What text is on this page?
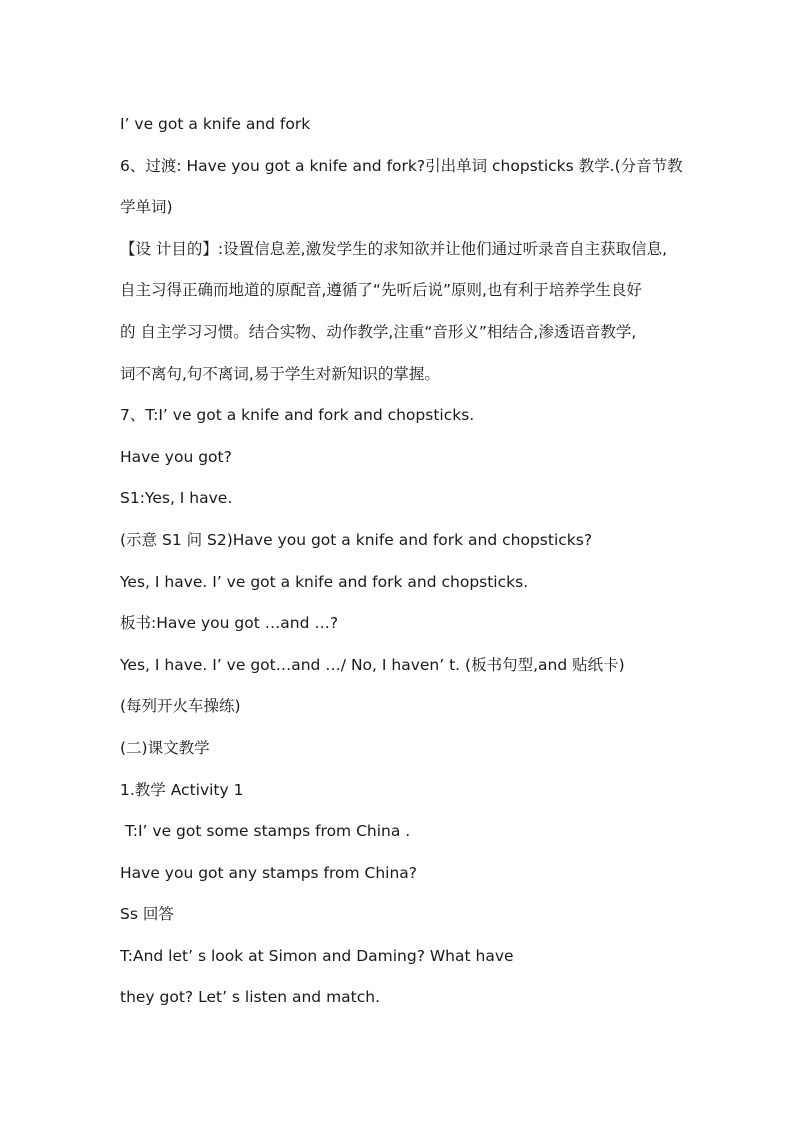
I’ ve got a knife and fork
6、过渡: Have you got a knife and fork?引出单词 chopsticks 教学.(分音节教
学单词)
【设 计目的】:设置信息差,激发学生的求知欲并让他们通过听录音自主获取信息,
自主习得正确而地道的原配音,遵循了“先听后说”原则,也有利于培养学生良好
的 自主学习习惯。结合实物、动作教学,注重“音形义”相结合,渗透语音教学,
词不离句,句不离词,易于学生对新知识的掌握。
7、T:I’ ve got a knife and fork and chopsticks.
Have you got?
S1:Yes, I have.
(示意 S1 问 S2)Have you got a knife and fork and chopsticks?
Yes, I have. I’ ve got a knife and fork and chopsticks.
板书:Have you got …and …?
Yes, I have. I’ ve got…and …/ No, I haven’ t. (板书句型,and 贴纸卡)
(每列开火车操练)
(二)课文教学
1.教学 Activity 1
T:I’ ve got some stamps from China .
Have you got any stamps from China?
Ss 回答
T:And let’ s look at Simon and Daming? What have
they got? Let’ s listen and match.
